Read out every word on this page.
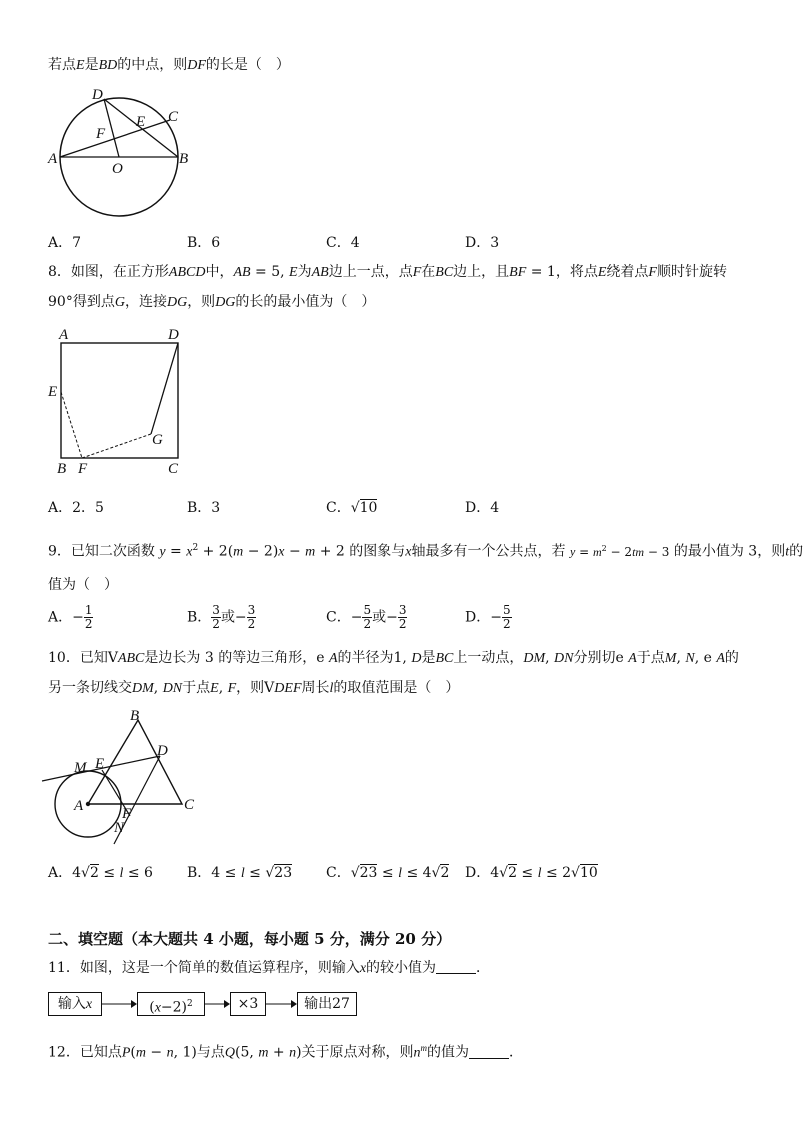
若点E是BD的中点，则DF的长是（　）
D
C
E
F
A
O
B
A．7	B．6	C．4	D．3
8．如图，在正方形ABCD中，AB = 5, E为AB边上一点，点F在BC边上，且BF = 1，将点E绕着点F顺时针旋转
90°得到点G，连接DG，则DG的长的最小值为（　）
A	D
E
G
B F	C
A．2．5	B．3	C．√10	D．4
9．已知二次函数 $y = x^2 + 2(m - 2)x - m + 2$ 的图象与x轴最多有一个公共点，若 $y = m^2 - 2tm - 3$ 的最小值为 3，则t的
值为（　）
A．− $\frac{1}{2}$	B． $\frac{3}{2}$ 或− $\frac{3}{2}$	C．− $\frac{5}{2}$ 或− $\frac{3}{2}$	D．− $\frac{5}{2}$
10．已知VABC是边长为 3 的等边三角形，e A的半径为1, D是BC上一动点，DM, DN分别切e A于点M, N, e A的
另一条切线交DM, DN于点E, F，则VDEF周长l的取值范围是（　）
B
D
M E
A	F
N
C
A．4√2 ≤ l ≤ 6 B．4 ≤ l ≤ √23 C．√23 ≤ l ≤ 4√2 D．4√2 ≤ l ≤ 2√10
二、填空题（本大题共 4 小题，每小题 5 分，满分 20 分）
11．如图，这是一个简单的数值运算程序，则输入x的较小值为	．
输入x	$(x-2)^2$	×3	输出27
12．已知点P(m − n, 1)与点Q(5, m + n)关于原点对称，则$n^m$的值为	．
